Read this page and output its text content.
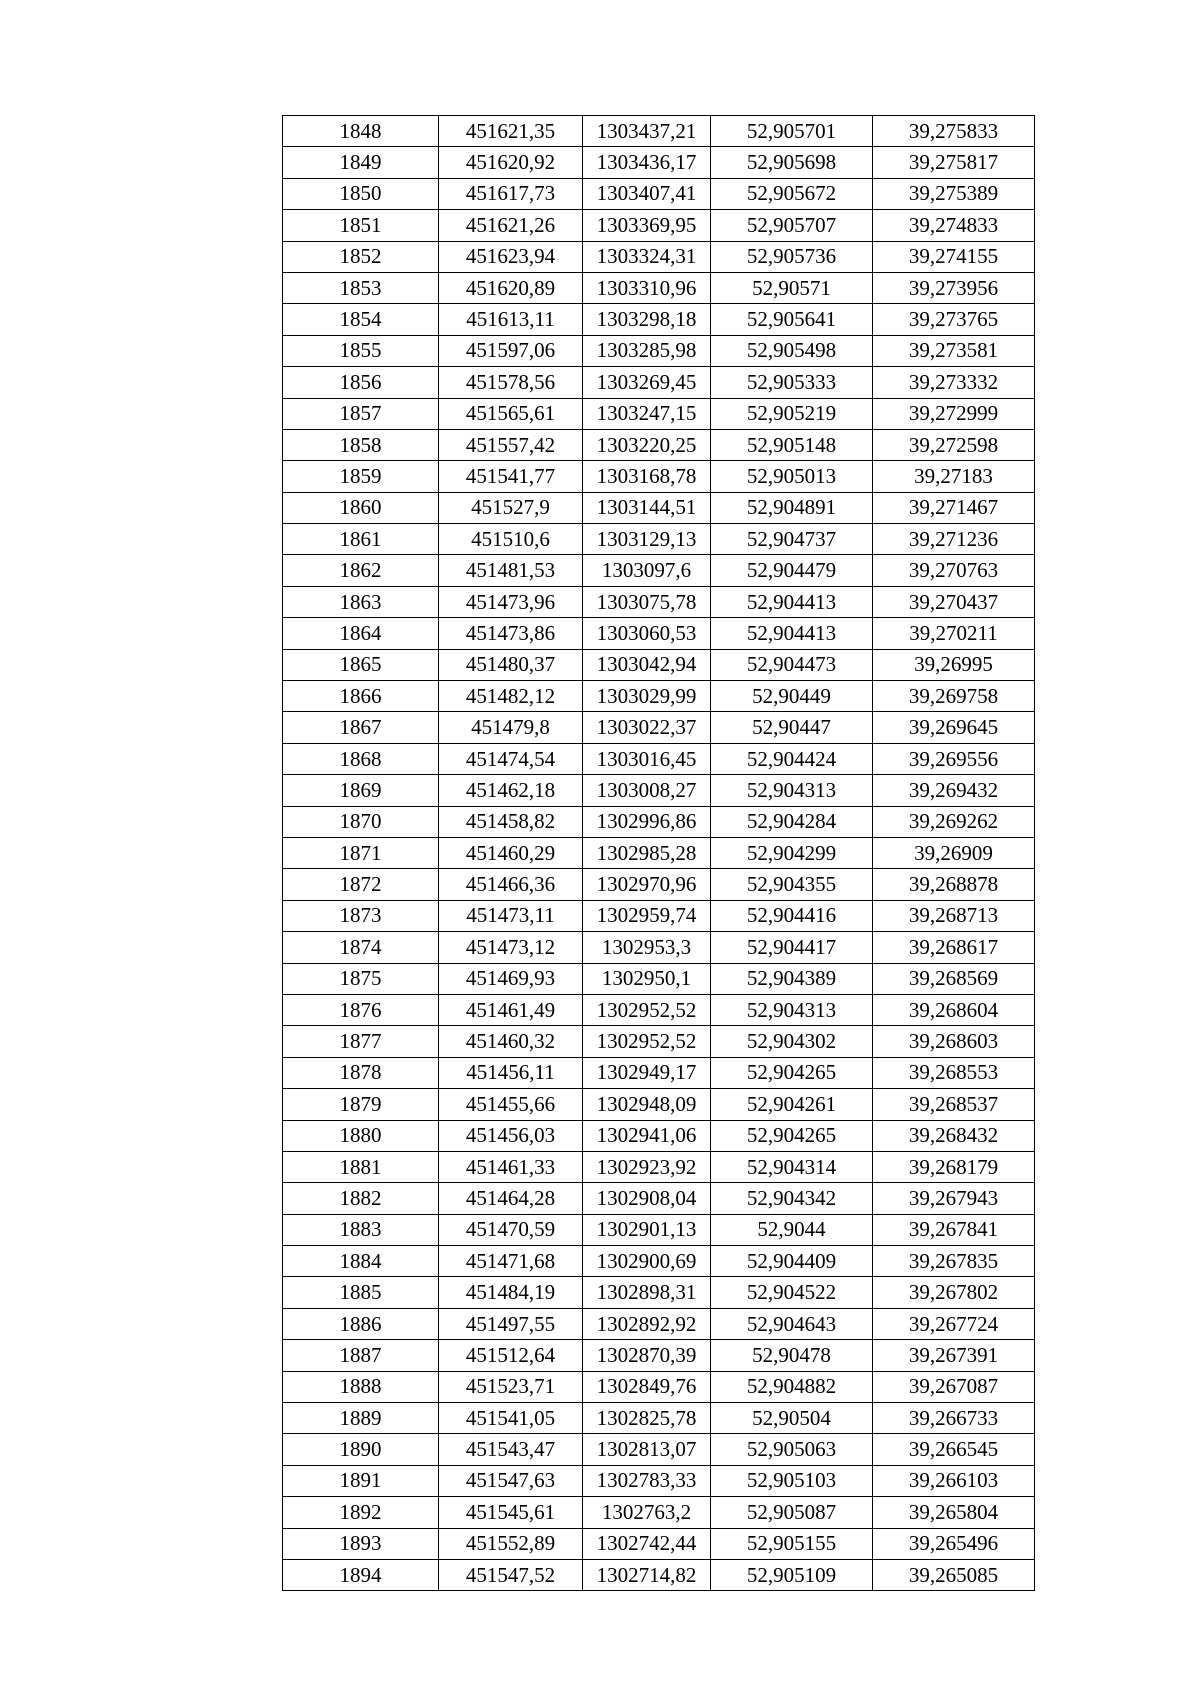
1848	451621,35	1303437,21	52,905701	39,275833
1849	451620,92	1303436,17	52,905698	39,275817
1850	451617,73	1303407,41	52,905672	39,275389
1851	451621,26	1303369,95	52,905707	39,274833
1852	451623,94	1303324,31	52,905736	39,274155
1853	451620,89	1303310,96	52,90571	39,273956
1854	451613,11	1303298,18	52,905641	39,273765
1855	451597,06	1303285,98	52,905498	39,273581
1856	451578,56	1303269,45	52,905333	39,273332
1857	451565,61	1303247,15	52,905219	39,272999
1858	451557,42	1303220,25	52,905148	39,272598
1859	451541,77	1303168,78	52,905013	39,27183
1860	451527,9	1303144,51	52,904891	39,271467
1861	451510,6	1303129,13	52,904737	39,271236
1862	451481,53	1303097,6	52,904479	39,270763
1863	451473,96	1303075,78	52,904413	39,270437
1864	451473,86	1303060,53	52,904413	39,270211
1865	451480,37	1303042,94	52,904473	39,26995
1866	451482,12	1303029,99	52,90449	39,269758
1867	451479,8	1303022,37	52,90447	39,269645
1868	451474,54	1303016,45	52,904424	39,269556
1869	451462,18	1303008,27	52,904313	39,269432
1870	451458,82	1302996,86	52,904284	39,269262
1871	451460,29	1302985,28	52,904299	39,26909
1872	451466,36	1302970,96	52,904355	39,268878
1873	451473,11	1302959,74	52,904416	39,268713
1874	451473,12	1302953,3	52,904417	39,268617
1875	451469,93	1302950,1	52,904389	39,268569
1876	451461,49	1302952,52	52,904313	39,268604
1877	451460,32	1302952,52	52,904302	39,268603
1878	451456,11	1302949,17	52,904265	39,268553
1879	451455,66	1302948,09	52,904261	39,268537
1880	451456,03	1302941,06	52,904265	39,268432
1881	451461,33	1302923,92	52,904314	39,268179
1882	451464,28	1302908,04	52,904342	39,267943
1883	451470,59	1302901,13	52,9044	39,267841
1884	451471,68	1302900,69	52,904409	39,267835
1885	451484,19	1302898,31	52,904522	39,267802
1886	451497,55	1302892,92	52,904643	39,267724
1887	451512,64	1302870,39	52,90478	39,267391
1888	451523,71	1302849,76	52,904882	39,267087
1889	451541,05	1302825,78	52,90504	39,266733
1890	451543,47	1302813,07	52,905063	39,266545
1891	451547,63	1302783,33	52,905103	39,266103
1892	451545,61	1302763,2	52,905087	39,265804
1893	451552,89	1302742,44	52,905155	39,265496
1894	451547,52	1302714,82	52,905109	39,265085
